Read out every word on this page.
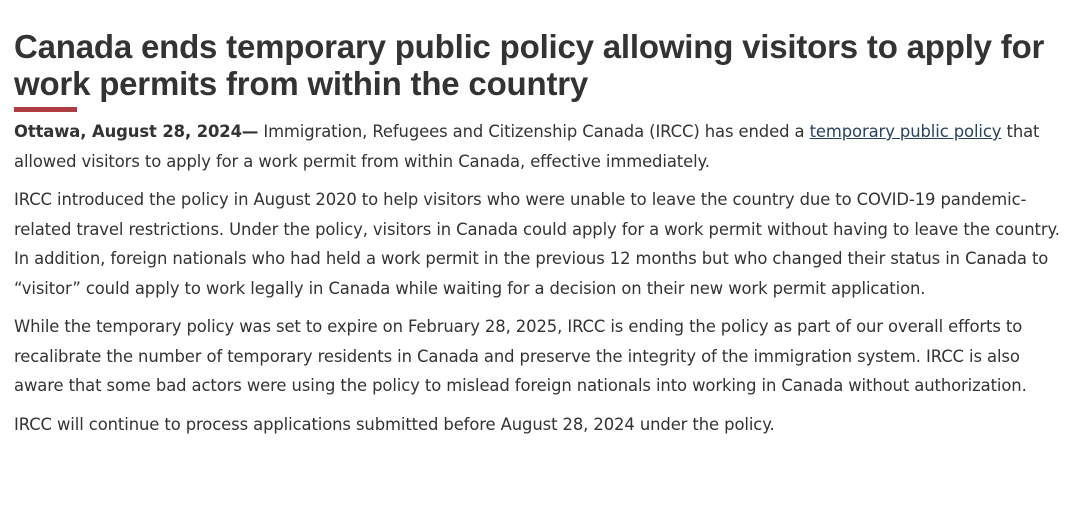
Canada ends temporary public policy allowing visitors to apply for work permits from within the country

Ottawa, August 28, 2024— Immigration, Refugees and Citizenship Canada (IRCC) has ended a temporary public policy that allowed visitors to apply for a work permit from within Canada, effective immediately.

IRCC introduced the policy in August 2020 to help visitors who were unable to leave the country due to COVID-19 pandemic-related travel restrictions. Under the policy, visitors in Canada could apply for a work permit without having to leave the country. In addition, foreign nationals who had held a work permit in the previous 12 months but who changed their status in Canada to “visitor” could apply to work legally in Canada while waiting for a decision on their new work permit application.

While the temporary policy was set to expire on February 28, 2025, IRCC is ending the policy as part of our overall efforts to recalibrate the number of temporary residents in Canada and preserve the integrity of the immigration system. IRCC is also aware that some bad actors were using the policy to mislead foreign nationals into working in Canada without authorization.

IRCC will continue to process applications submitted before August 28, 2024 under the policy.
